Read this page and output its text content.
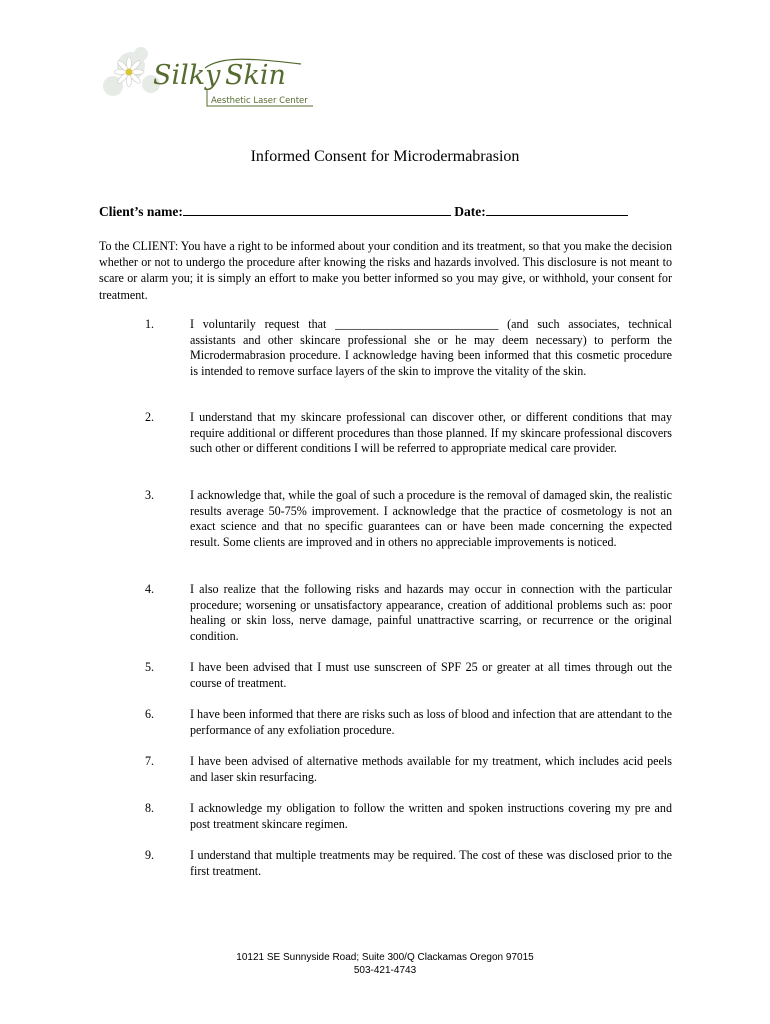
Silky Skin
Aesthetic Laser Center
Informed Consent for Microdermabrasion
Client’s name:	Date:
To the CLIENT: You have a right to be informed about your condition and its treatment, so that you make the decision whether or not to undergo the procedure after knowing the risks and hazards involved. This disclosure is not meant to scare or alarm you; it is simply an effort to make you better informed so you may give, or withhold, your consent for treatment.
1.	I voluntarily request that ___________________________ (and such associates, technical assistants and other skincare professional she or he may deem necessary) to perform the Microdermabrasion procedure. I acknowledge having been informed that this cosmetic procedure is intended to remove surface layers of the skin to improve the vitality of the skin.
2.	I understand that my skincare professional can discover other, or different conditions that may require additional or different procedures than those planned. If my skincare professional discovers such other or different conditions I will be referred to appropriate medical care provider.
3.	I acknowledge that, while the goal of such a procedure is the removal of damaged skin, the realistic results average 50-75% improvement. I acknowledge that the practice of cosmetology is not an exact science and that no specific guarantees can or have been made concerning the expected result. Some clients are improved and in others no appreciable improvements is noticed.
4.	I also realize that the following risks and hazards may occur in connection with the particular procedure; worsening or unsatisfactory appearance, creation of additional problems such as: poor healing or skin loss, nerve damage, painful unattractive scarring, or recurrence or the original condition.
5.	I have been advised that I must use sunscreen of SPF 25 or greater at all times through out the course of treatment.
6.	I have been informed that there are risks such as loss of blood and infection that are attendant to the performance of any exfoliation procedure.
7.	I have been advised of alternative methods available for my treatment, which includes acid peels and laser skin resurfacing.
8.	I acknowledge my obligation to follow the written and spoken instructions covering my pre and post treatment skincare regimen.
9.	I understand that multiple treatments may be required. The cost of these was disclosed prior to the first treatment.
10121 SE Sunnyside Road; Suite 300/Q Clackamas Oregon 97015
503-421-4743
